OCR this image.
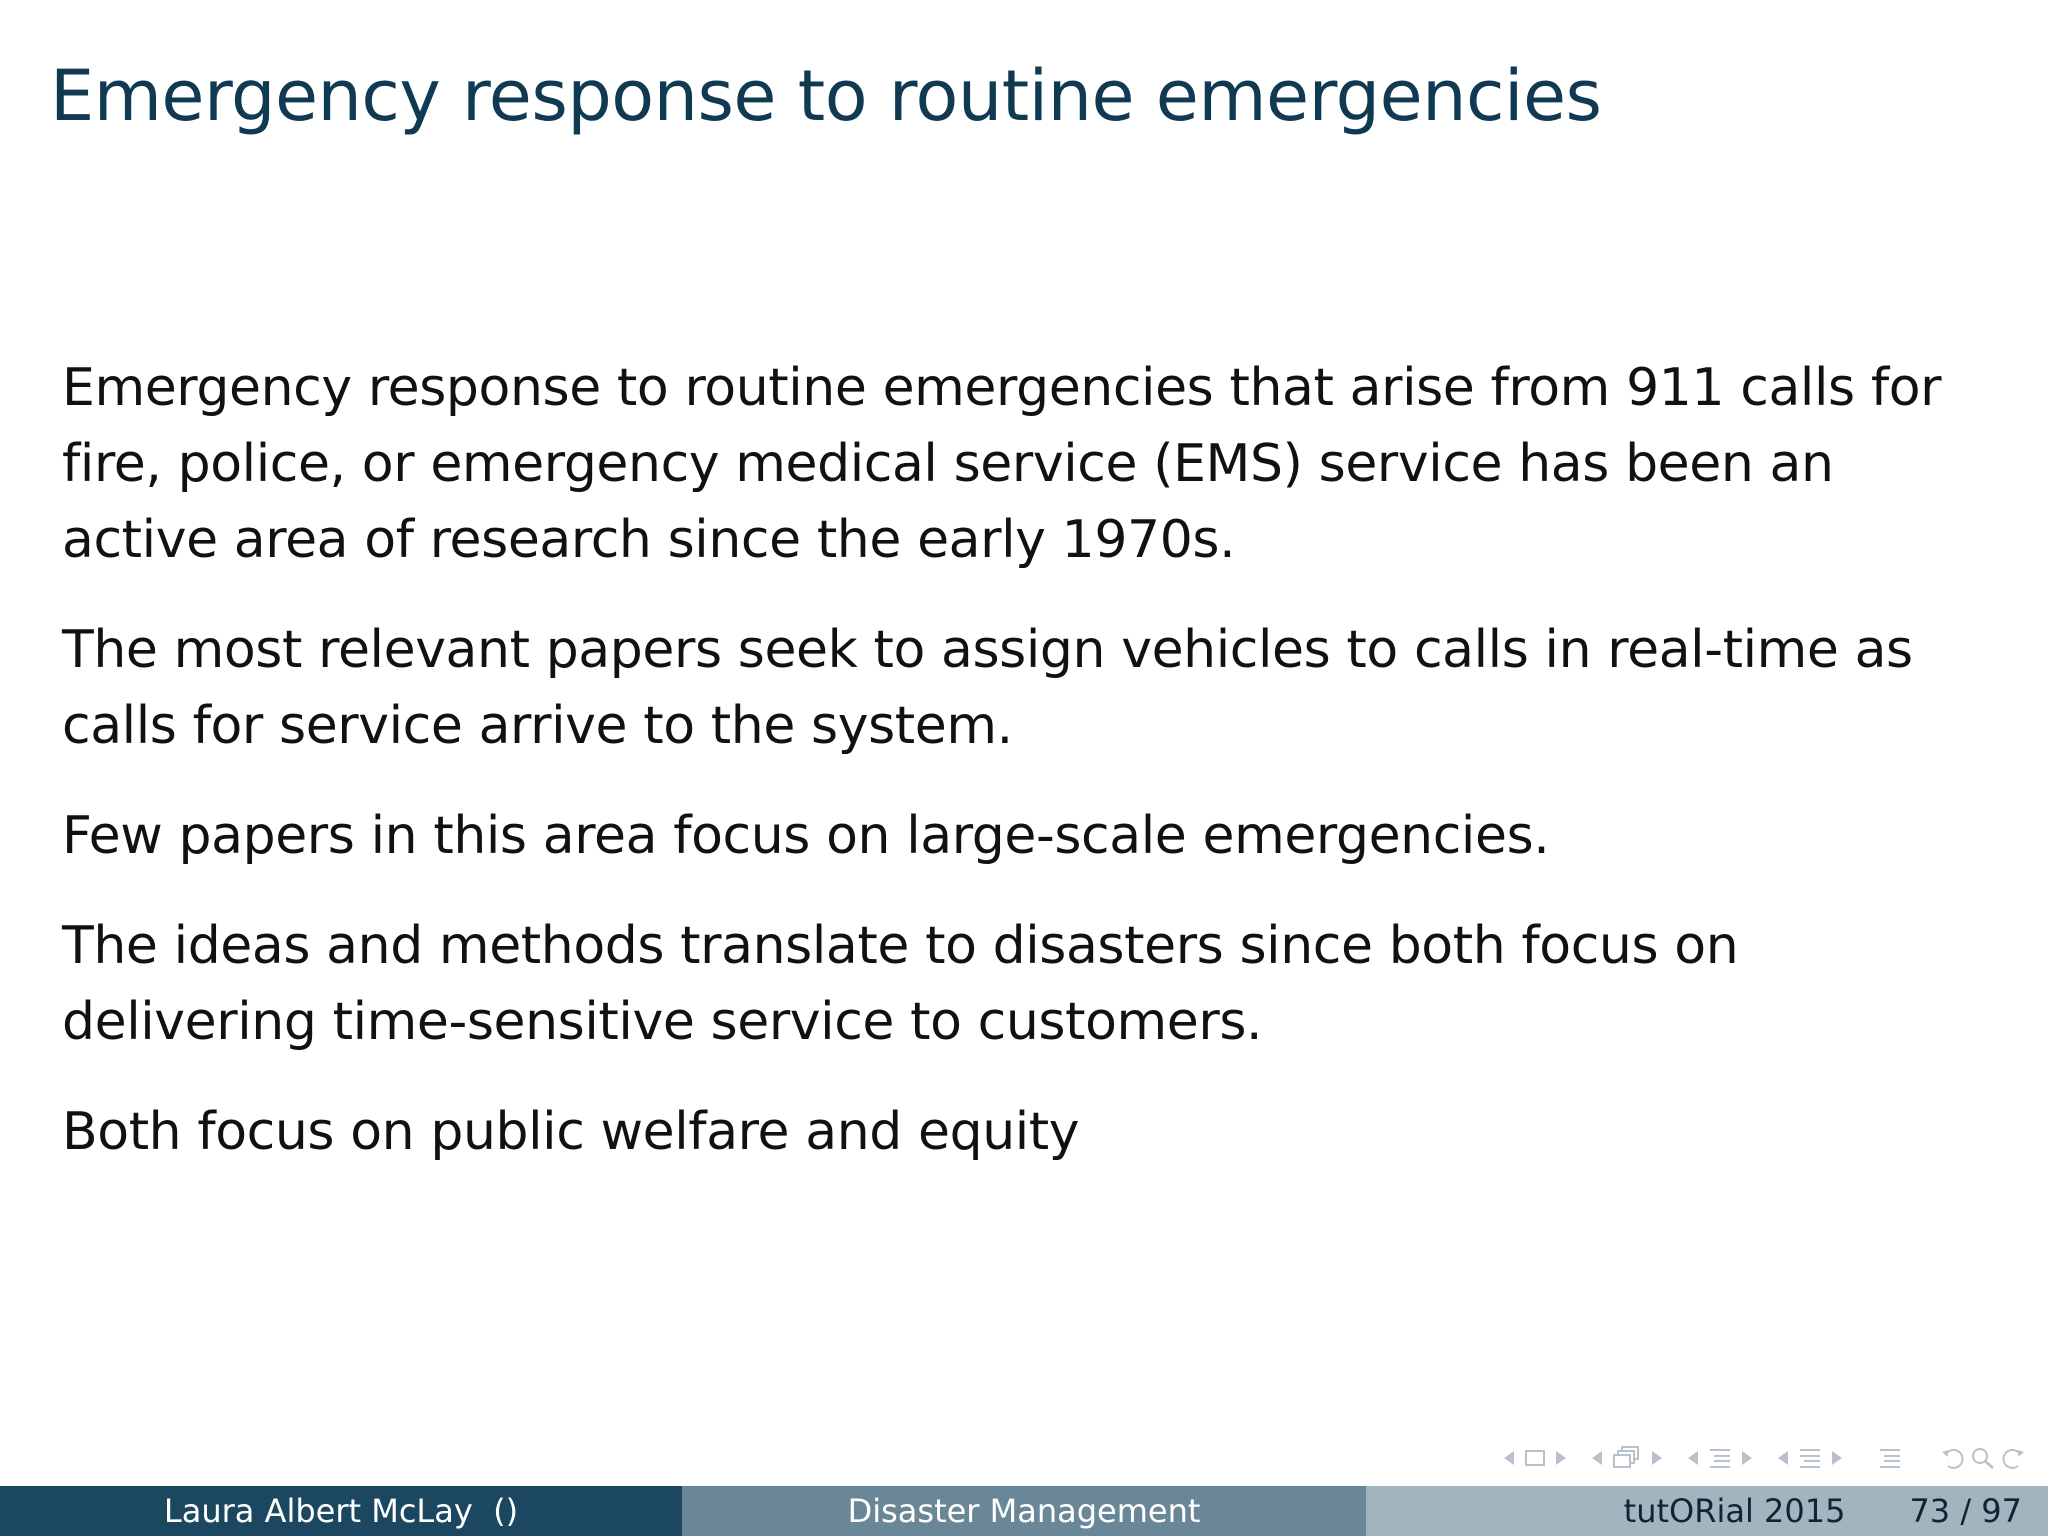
Emergency response to routine emergencies

Emergency response to routine emergencies that arise from 911 calls for fire, police, or emergency medical service (EMS) service has been an active area of research since the early 1970s.

The most relevant papers seek to assign vehicles to calls in real-time as calls for service arrive to the system.

Few papers in this area focus on large-scale emergencies.

The ideas and methods translate to disasters since both focus on delivering time-sensitive service to customers.

Both focus on public welfare and equity

Laura Albert McLay  ()	Disaster Management	tutORial 2015 73 / 97
